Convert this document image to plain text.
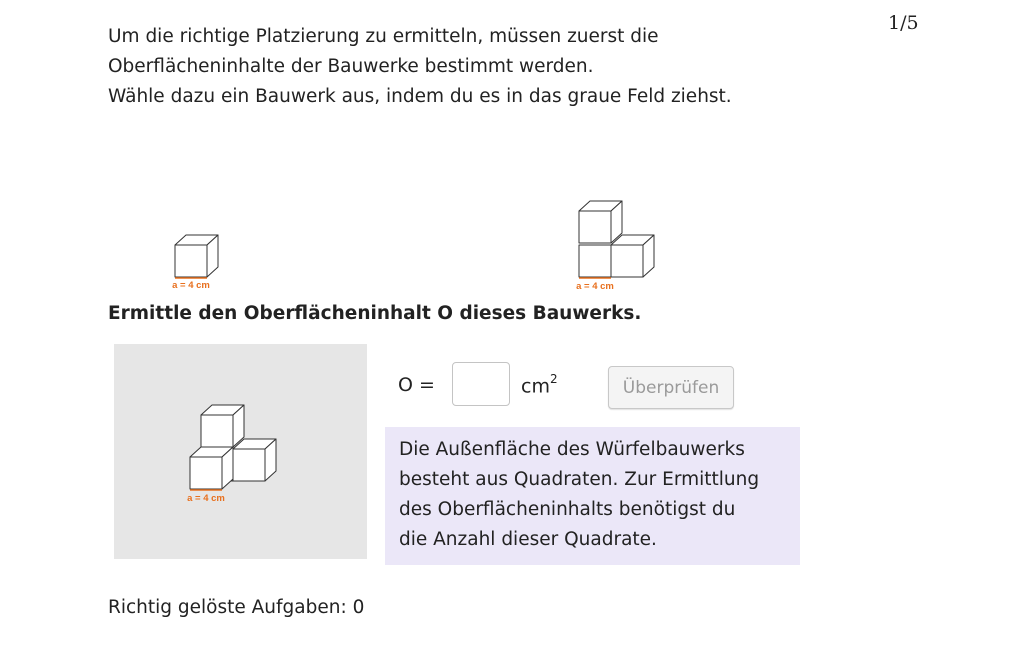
Um die richtige Platzierung zu ermitteln, müssen zuerst die
Oberflächeninhalte der Bauwerke bestimmt werden.
Wähle dazu ein Bauwerk aus, indem du es in das graue Feld ziehst.
1/5
a = 4 cm	a = 4 cm
Ermittle den Oberflächeninhalt O dieses Bauwerks.
a = 4 cm
O =	$cm^2$	Überprüfen
Die Außenfläche des Würfelbauwerks
besteht aus Quadraten. Zur Ermittlung
des Oberflächeninhalts benötigst du
die Anzahl dieser Quadrate.
Richtig gelöste Aufgaben: 0
